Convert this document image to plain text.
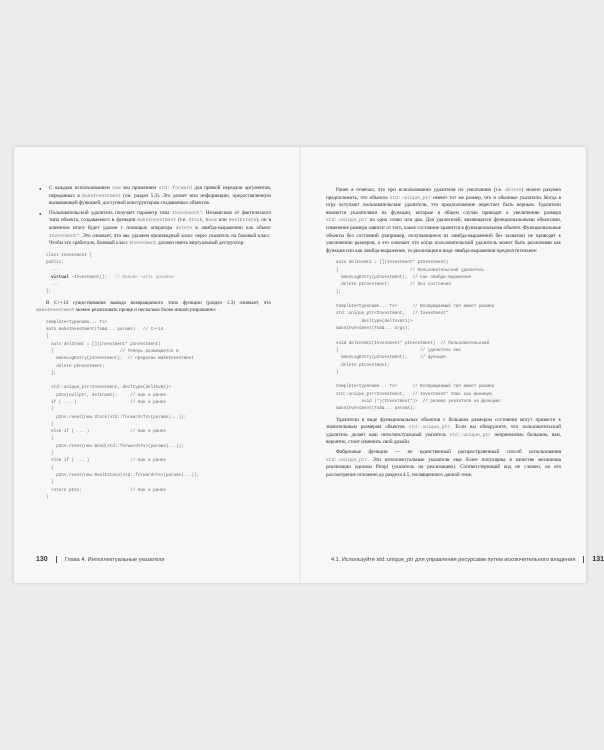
● С каждым использованием new мы применяем std::forward для прямой передачи аргументов, переданных в makeInvestment (см. раздел 5.3). Это делает всю информацию, предоставленную вызывающей функцией, доступной конструкторам создаваемых объектов.
● Пользовательский удалитель получает параметр типа Investment*. Независимо от фактического типа объекта, создаваемого в функции makeInvestment (т.е. Stock, Bond или RealEstate), он в конечном итоге будет удален с помощью оператора delete в лямбда-выражении как объект Investment*. Это означает, что мы удаляем производный класс через указатель на базовый класс. Чтобы это сработало, базовый класс Investment должен иметь виртуальный деструктор:
class Investment {
public:
...
virtual ~Investment(); // Важная часть дизайна
...
};

В C++14 существование вывода возвращаемого типа функции (раздел 1.3) означает, что makeInvestment можно реализовать проще и несколько более инкапсулированно:

template<typename... Ts>
auto makeInvestment(Ts&&... params)   // C++14
{
auto delInvmt = [](Investment* pInvestment)
{                          // Теперь размещается в
makeLogEntry(pInvestment);  // пределах makeInvestment
delete pInvestment;
};

std::unique_ptr<Investment, decltype(delInvmt)>
pInv(nullptr, delInvmt);     // Как и ранее
if ( ... )                     // Как и ранее
{
pInv.reset(new Stock(std::forward<Ts>(params)...));
}
else if ( ... )                // Как и ранее
{
pInv.reset(new Bond(std::forward<Ts>(params)...));
}
else if ( ... )                // Как и ранее
{
pInv.reset(new RealEstate(std::forward<Ts>(params)...));
}
return pInv;                   // Как и ранее
}
130	Глава 4. Интеллектуальные указатели

Ранее я отмечал, что при использовании удалителя по умолчанию (т.е. delete) можно разумно предположить, что объекты std::unique_ptr имеют тот же размер, что и обычные указатели. Когда в игру вступают пользовательские удалители, это предположение перестает быть верным. Удалители являются указателями на функции, которые в общем случае приводят к увеличению размера std::unique_ptr на одно слово или два. Для удалителей, являющихся функциональными объектами, изменение размера зависит от того, какое состояние хранится в функциональном объекте. Функциональные объекты без состояний (например, получающиеся из лямбда-выражений без захватов) не приводят к увеличению размеров, а это означает что когда пользовательский удалитель может быть реализован как функция или как лямбда-выражение, то реализация в виде лямбда-выражения предпочтительнее:

auto delInvmt1 = [](Investment* pInvestment)
{                            // Пользовательский удалитель
makeLogEntry(pInvestment);  // как лямбда-выражение
delete pInvestment;        // без состояния
};

template<typename... Ts>      // Возвращаемый тип имеет размер
std::unique_ptr<Investment,   // Investment*
decltype(delInvmt1)>
makeInvestment(Ts&&... args);

void delInvmt2(Investment* pInvestment)  // Пользовательский
{                                // удалитель как
makeLogEntry(pInvestment);     // функция
delete pInvestment;
}

template<typename... Ts>      // Возвращаемый тип имеет размер
std::unique_ptr<Investment,   // Investment* плюс как минимум
void (*)(Investment*)>  // размер указателя на функцию!
makeInvestment(Ts&&... params);

Удалители в виде функциональных объектов с большим размером состояния могут привести к значительным размерам объектов std::unique_ptr. Если вы обнаружите, что пользовательский удалитель делает ваш интеллектуальный указатель std::unique_ptr неприемлемо большим, вам, вероятно, стоит изменить свой дизайн.

Фабричные функции — не единственный распространенный способ использования std::unique_ptr. Эти интеллектуальные указатели еще более популярны в качестве механизма реализации идиомы Pimpl (указатель на реализацию). Соответствующий код не сложен, но его рассмотрение отложено до раздела 4.5, посвященного данной теме.

4.1. Используйте std::unique_ptr для управления ресурсами путем исключительного владения 131
